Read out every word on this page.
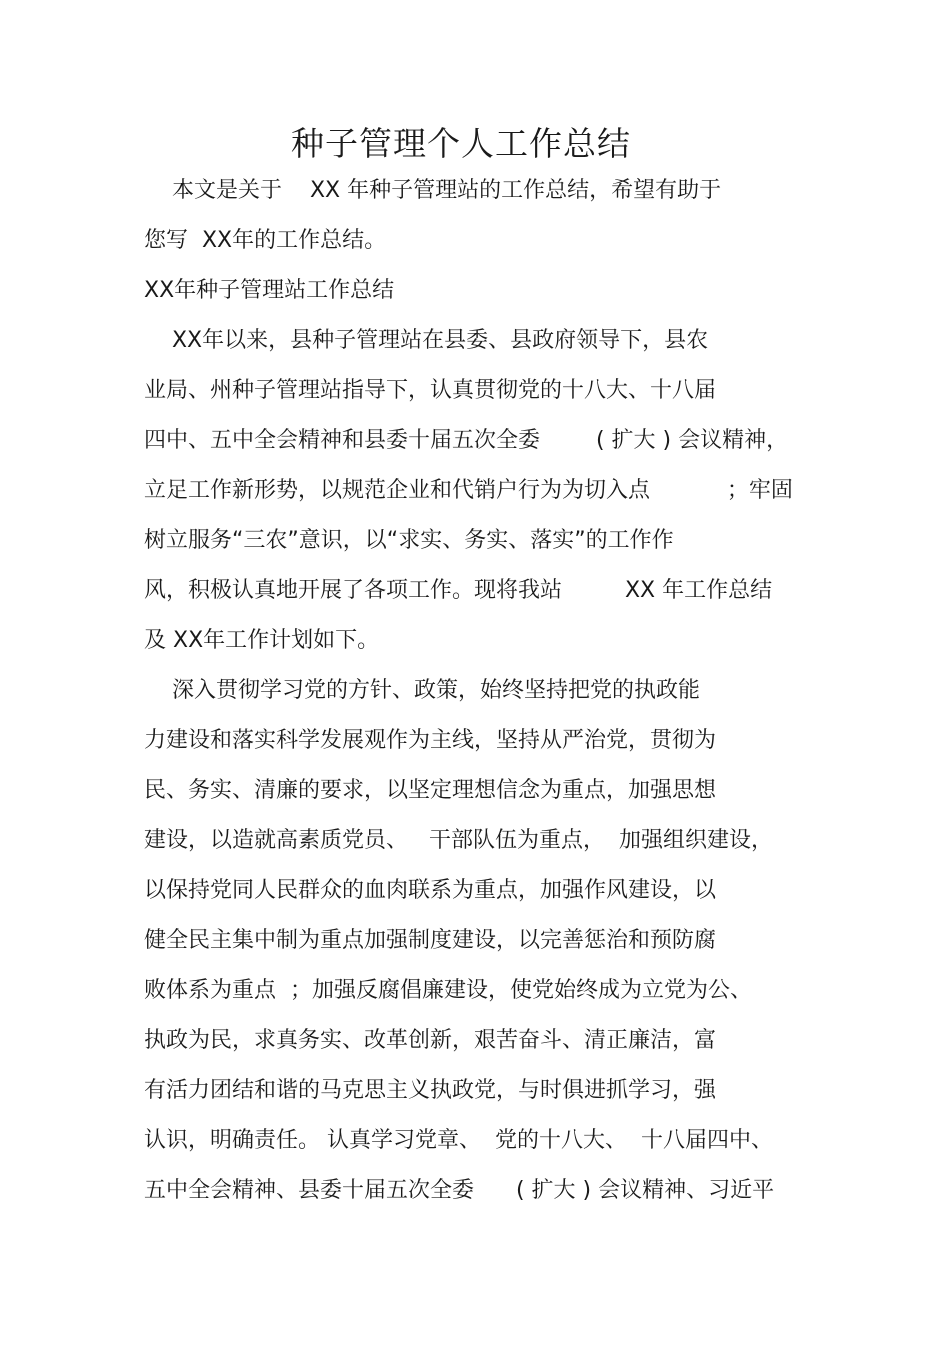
种子管理个人工作总结
本文是关于    XX 年种子管理站的工作总结，希望有助于
您写  XX年的工作总结。
XX年种子管理站工作总结
XX年以来，县种子管理站在县委、县政府领导下，县农
业局、州种子管理站指导下，认真贯彻党的十八大、十八届
四中、五中全会精神和县委十届五次全委        ( 扩大 ) 会议精神，
立足工作新形势，以规范企业和代销户行为为切入点           ；牢固
树立服务“三农”意识，以“求实、务实、落实”的工作作
风，积极认真地开展了各项工作。现将我站         XX 年工作总结
及 XX年工作计划如下。
深入贯彻学习党的方针、政策，始终坚持把党的执政能
力建设和落实科学发展观作为主线，坚持从严治党，贯彻为
民、务实、清廉的要求，以坚定理想信念为重点，加强思想
建设，以造就高素质党员、   干部队伍为重点，  加强组织建设，
以保持党同人民群众的血肉联系为重点，加强作风建设，以
健全民主集中制为重点加强制度建设，以完善惩治和预防腐
败体系为重点  ；加强反腐倡廉建设，使党始终成为立党为公、
执政为民，求真务实、改革创新，艰苦奋斗、清正廉洁，富
有活力团结和谐的马克思主义执政党，与时俱进抓学习，强
认识，明确责任。 认真学习党章、  党的十八大、  十八届四中、
五中全会精神、县委十届五次全委      ( 扩大 ) 会议精神、习近平
